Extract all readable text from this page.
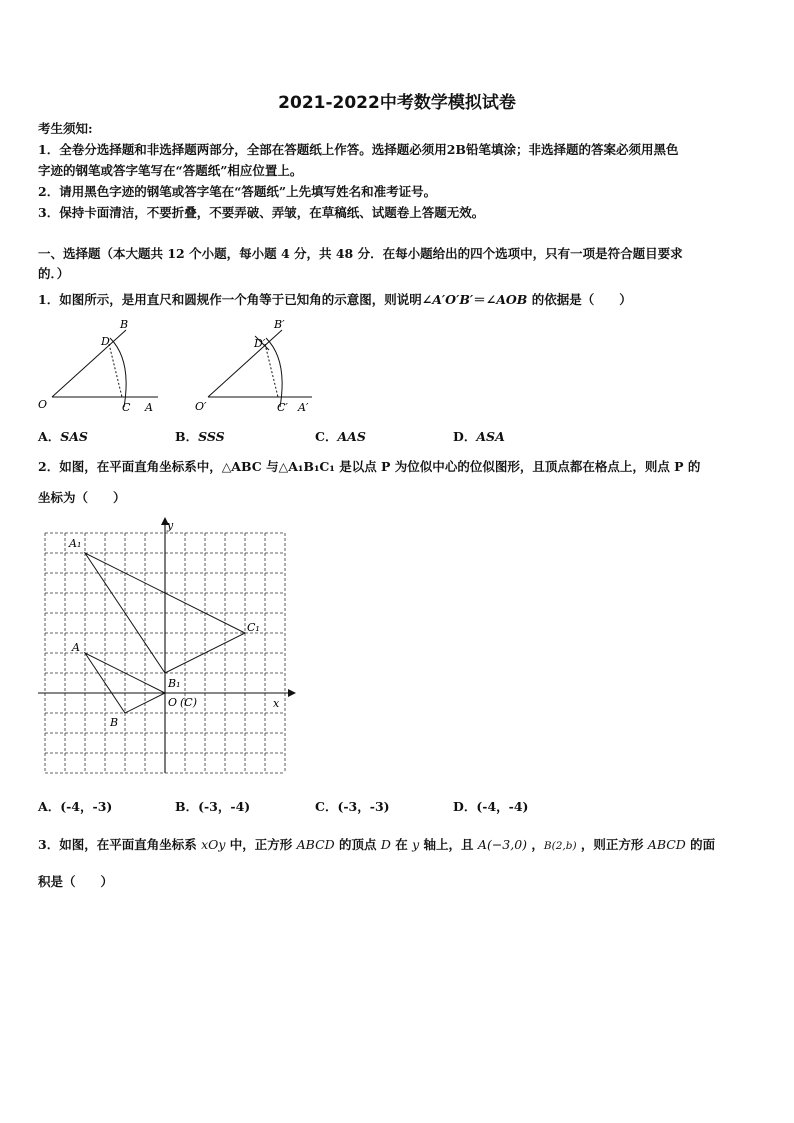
2021-2022中考数学模拟试卷
考生须知:
1．全卷分选择题和非选择题两部分，全部在答题纸上作答。选择题必须用2B铅笔填涂；非选择题的答案必须用黑色
字迹的钢笔或答字笔写在“答题纸”相应位置上。
2．请用黑色字迹的钢笔或答字笔在“答题纸”上先填写姓名和准考证号。
3．保持卡面清洁，不要折叠，不要弄破、弄皱，在草稿纸、试题卷上答题无效。
一、选择题（本大题共 12 个小题，每小题 4 分，共 48 分．在每小题给出的四个选项中，只有一项是符合题目要求
的．）
1．如图所示，是用直尺和圆规作一个角等于已知角的示意图，则说明∠A′O′B′＝∠AOB 的依据是（　　）
B
D
O	C A
B′
D′
O′	C′ A′
A．SAS	B．SSS	C．AAS	D．ASA
2．如图，在平面直角坐标系中，△ABC 与△A₁B₁C₁ 是以点 P 为位似中心的位似图形，且顶点都在格点上，则点 P 的
坐标为（　　）
y
x
A₁
C₁
A
B₁
B
O (C)
A．(-4，-3)	B．(-3，-4)	C．(-3，-3)	D．(-4，-4)
3．如图，在平面直角坐标系 xOy 中，正方形 ABCD 的顶点 D 在 y 轴上，且 A(−3,0) ，B(2,b) ，则正方形 ABCD 的面
积是（　　）
